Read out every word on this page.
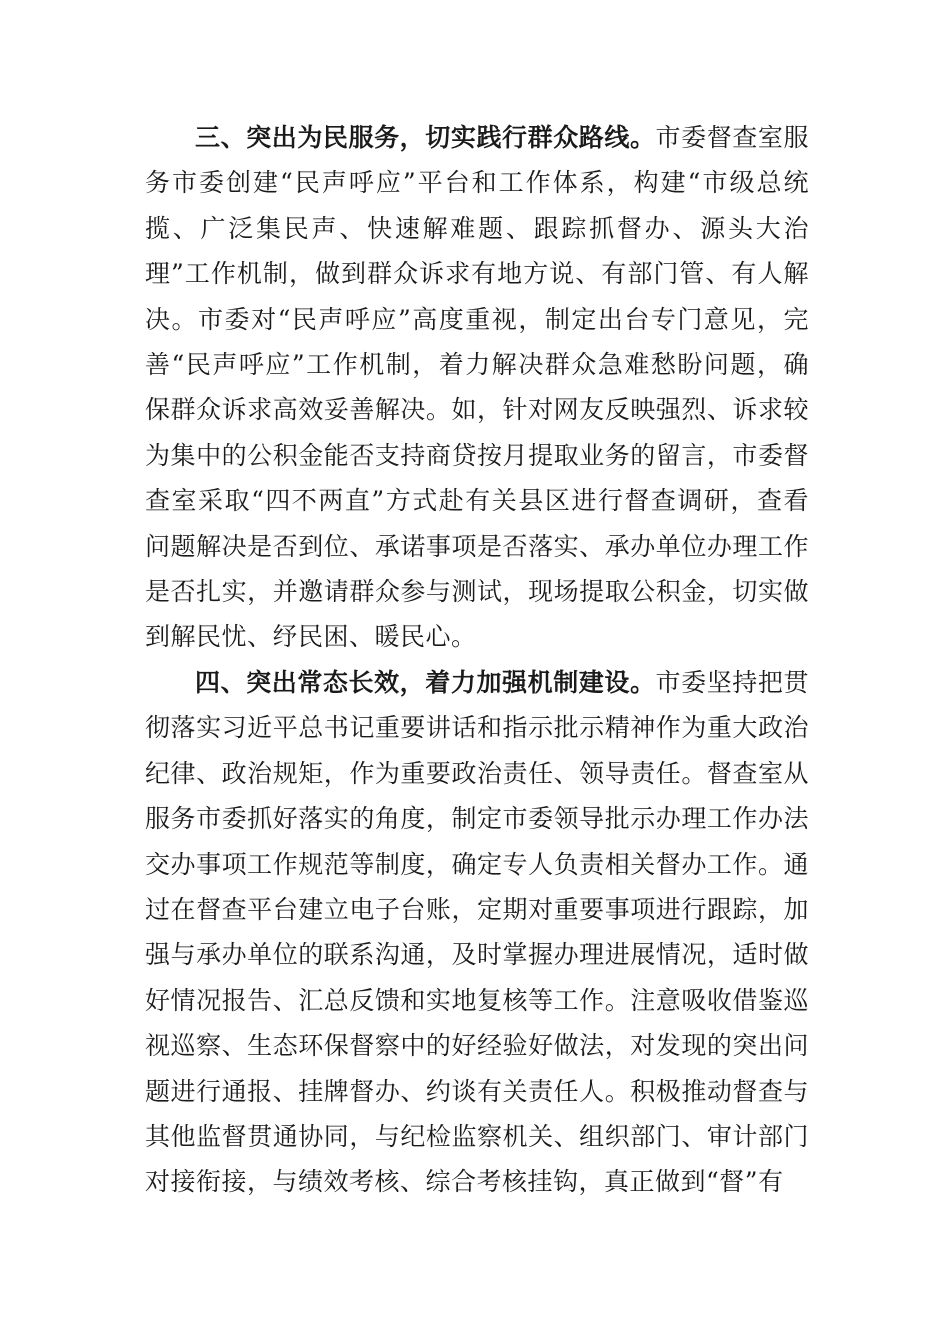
三、突出为民服务，切实践行群众路线。市委督查室服务市委创建“民声呼应”平台和工作体系，构建“市级总统揽、广泛集民声、快速解难题、跟踪抓督办、源头大治理”工作机制，做到群众诉求有地方说、有部门管、有人解决。市委对“民声呼应”高度重视，制定出台专门意见，完善“民声呼应”工作机制，着力解决群众急难愁盼问题，确保群众诉求高效妥善解决。如，针对网友反映强烈、诉求较为集中的公积金能否支持商贷按月提取业务的留言，市委督查室采取“四不两直”方式赴有关县区进行督查调研，查看问题解决是否到位、承诺事项是否落实、承办单位办理工作是否扎实，并邀请群众参与测试，现场提取公积金，切实做到解民忧、纾民困、暖民心。

四、突出常态长效，着力加强机制建设。市委坚持把贯彻落实习近平总书记重要讲话和指示批示精神作为重大政治纪律、政治规矩，作为重要政治责任、领导责任。督查室从服务市委抓好落实的角度，制定市委领导批示办理工作办法交办事项工作规范等制度，确定专人负责相关督办工作。通过在督查平台建立电子台账，定期对重要事项进行跟踪，加强与承办单位的联系沟通，及时掌握办理进展情况，适时做好情况报告、汇总反馈和实地复核等工作。注意吸收借鉴巡视巡察、生态环保督察中的好经验好做法，对发现的突出问题进行通报、挂牌督办、约谈有关责任人。积极推动督查与其他监督贯通协同，与纪检监察机关、组织部门、审计部门对接衔接，与绩效考核、综合考核挂钩，真正做到“督”有
